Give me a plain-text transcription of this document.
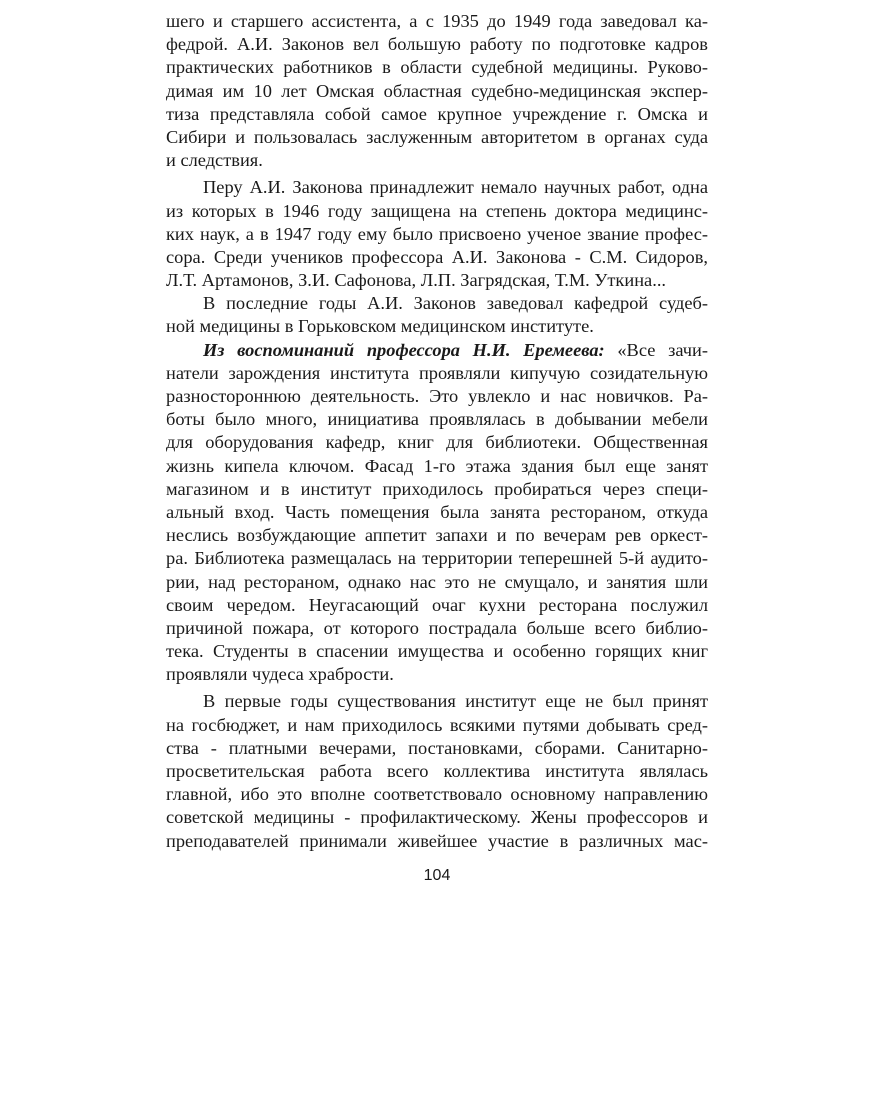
шего и старшего ассистента, а с 1935 до 1949 года заведовал ка-
федрой. А.И. Законов вел большую работу по подготовке кадров
практических работников в области судебной медицины. Руково-
димая им 10 лет Омская областная судебно-медицинская экспер-
тиза представляла собой самое крупное учреждение г. Омска и
Сибири и пользовалась заслуженным авторитетом в органах суда
и следствия.
Перу А.И. Законова принадлежит немало научных работ, одна
из которых в 1946 году защищена на степень доктора медицинс-
ких наук, а в 1947 году ему было присвоено ученое звание профес-
сора. Среди учеников профессора А.И. Законова - С.М. Сидоров,
Л.Т. Артамонов, З.И. Сафонова, Л.П. Загрядская, Т.М. Уткина...
В последние годы А.И. Законов заведовал кафедрой судеб-
ной медицины в Горьковском медицинском институте.
Из воспоминаний профессора Н.И. Еремеева: «Все зачи-
натели зарождения института проявляли кипучую созидательную
разностороннюю деятельность. Это увлекло и нас новичков. Ра-
боты было много, инициатива проявлялась в добывании мебели
для оборудования кафедр, книг для библиотеки. Общественная
жизнь кипела ключом. Фасад 1-го этажа здания был еще занят
магазином и в институт приходилось пробираться через специ-
альный вход. Часть помещения была занята рестораном, откуда
неслись возбуждающие аппетит запахи и по вечерам рев оркест-
ра. Библиотека размещалась на территории теперешней 5-й аудито-
рии, над рестораном, однако нас это не смущало, и занятия шли
своим чередом. Неугасающий очаг кухни ресторана послужил
причиной пожара, от которого пострадала больше всего библио-
тека. Студенты в спасении имущества и особенно горящих книг
проявляли чудеса храбрости.
В первые годы существования институт еще не был принят
на госбюджет, и нам приходилось всякими путями добывать сред-
ства - платными вечерами, постановками, сборами. Санитарно-
просветительская работа всего коллектива института являлась
главной, ибо это вполне соответствовало основному направлению
советской медицины - профилактическому. Жены профессоров и
преподавателей принимали живейшее участие в различных мас-
104
